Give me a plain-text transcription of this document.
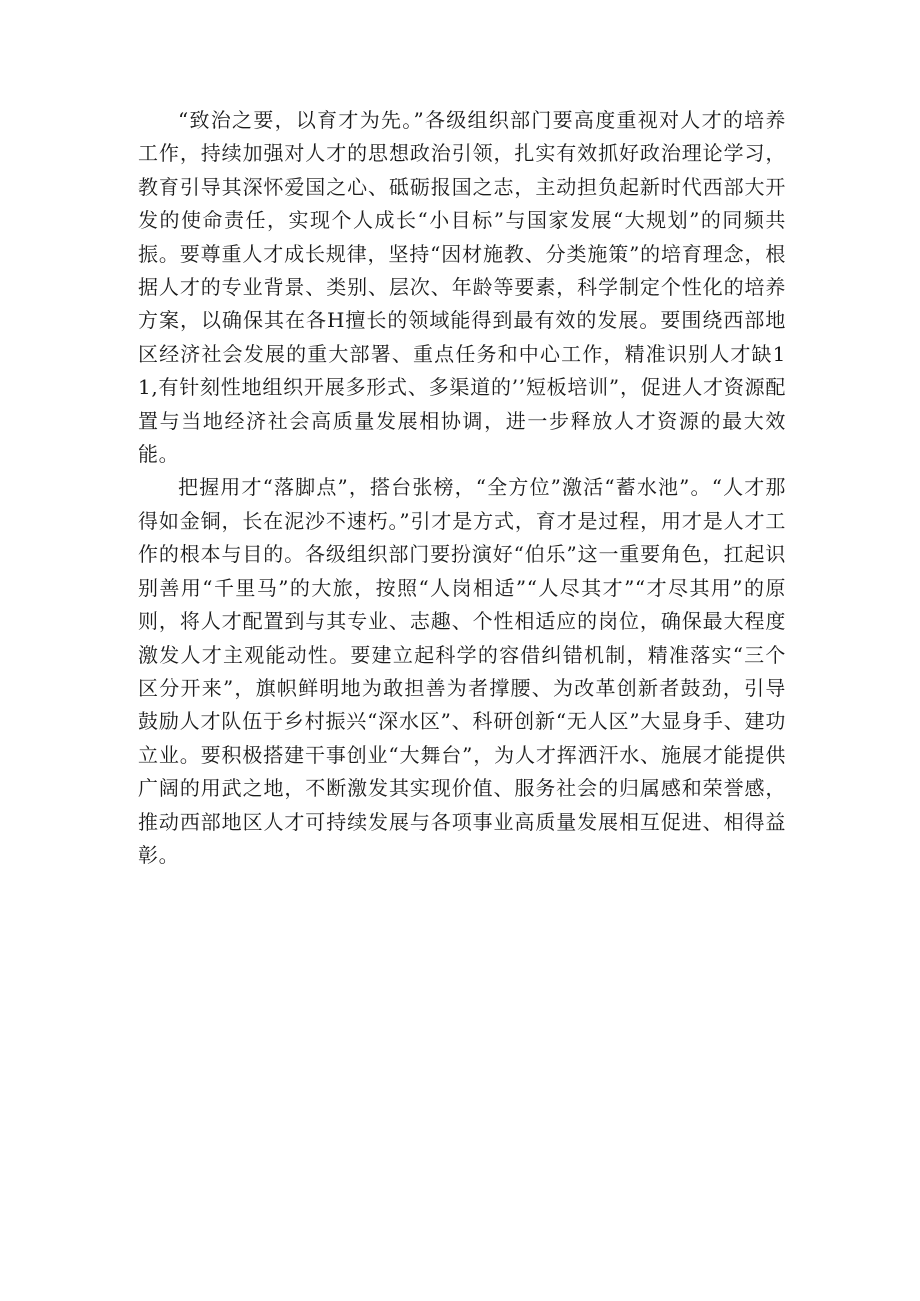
“致治之要，以育才为先。”各级组织部门要高度重视对人才的培养工作，持续加强对人才的思想政治引领，扎实有效抓好政治理论学习，教育引导其深怀爱国之心、砥砺报国之志，主动担负起新时代西部大开发的使命责任，实现个人成长“小目标”与国家发展“大规划”的同频共振。要尊重人才成长规律，坚持“因材施教、分类施策”的培育理念，根据人才的专业背景、类别、层次、年龄等要素，科学制定个性化的培养方案，以确保其在各H擅长的领域能得到最有效的发展。要围绕西部地区经济社会发展的重大部署、重点任务和中心工作，精准识别人才缺11,有针刻性地组织开展多形式、多渠道的’’短板培训”，促进人才资源配置与当地经济社会高质量发展相协调，进一步释放人才资源的最大效能。

把握用才“落脚点”，搭台张榜，“全方位”激活“蓄水池”。“人才那得如金铜，长在泥沙不速朽。”引才是方式，育才是过程，用才是人才工作的根本与目的。各级组织部门要扮演好“伯乐”这一重要角色，扛起识别善用“千里马”的大旅，按照“人岗相适”“人尽其才”“才尽其用”的原则，将人才配置到与其专业、志趣、个性相适应的岗位，确保最大程度激发人才主观能动性。要建立起科学的容借纠错机制，精准落实“三个区分开来”，旗帜鲜明地为敢担善为者撑腰、为改革创新者鼓劲，引导鼓励人才队伍于乡村振兴“深水区”、科研创新“无人区”大显身手、建功立业。要积极搭建干事创业“大舞台”，为人才挥洒汗水、施展才能提供广阔的用武之地，不断激发其实现价值、服务社会的归属感和荣誉感，推动西部地区人才可持续发展与各项事业高质量发展相互促进、相得益彰。
